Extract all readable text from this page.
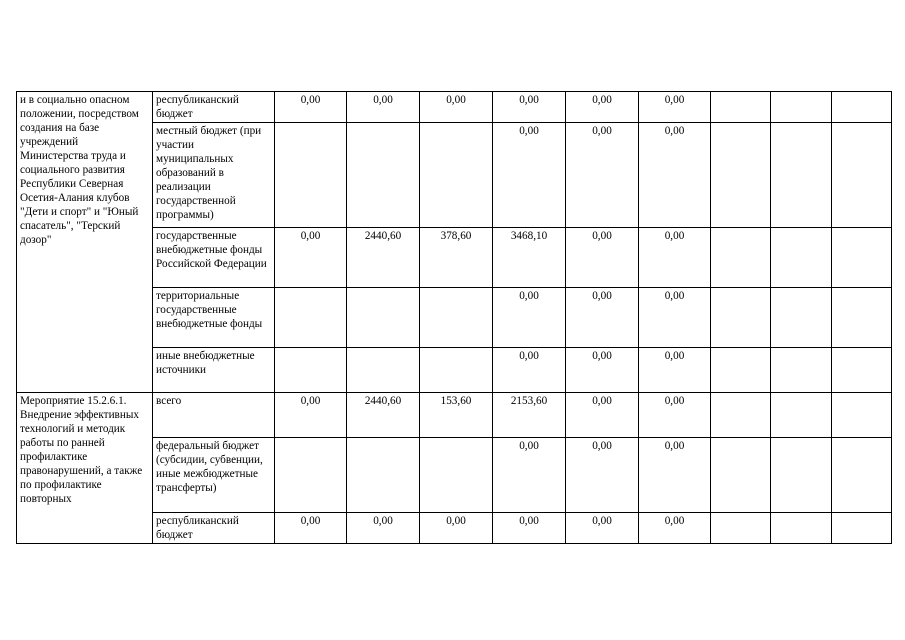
и в социально опасном положении, посредством создания на базе учреждений Министерства труда и социального развития Республики Северная Осетия-Алания клубов "Дети и спорт" и "Юный спасатель", "Терский дозор"	республиканский бюджет	0,00	0,00	0,00	0,00	0,00	0,00			
	местный бюджет (при участии муниципальных образований в реализации государственной программы)				0,00	0,00	0,00			
	государственные внебюджетные фонды Российской Федерации	0,00	2440,60	378,60	3468,10	0,00	0,00			
	территориальные государственные внебюджетные фонды				0,00	0,00	0,00			
	иные внебюджетные источники				0,00	0,00	0,00			
Мероприятие 15.2.6.1. Внедрение эффективных технологий и методик работы по ранней профилактике правонарушений, а также по профилактике повторных	всего	0,00	2440,60	153,60	2153,60	0,00	0,00			
	федеральный бюджет (субсидии, субвенции, иные межбюджетные трансферты)				0,00	0,00	0,00			
	республиканский бюджет	0,00	0,00	0,00	0,00	0,00	0,00			
